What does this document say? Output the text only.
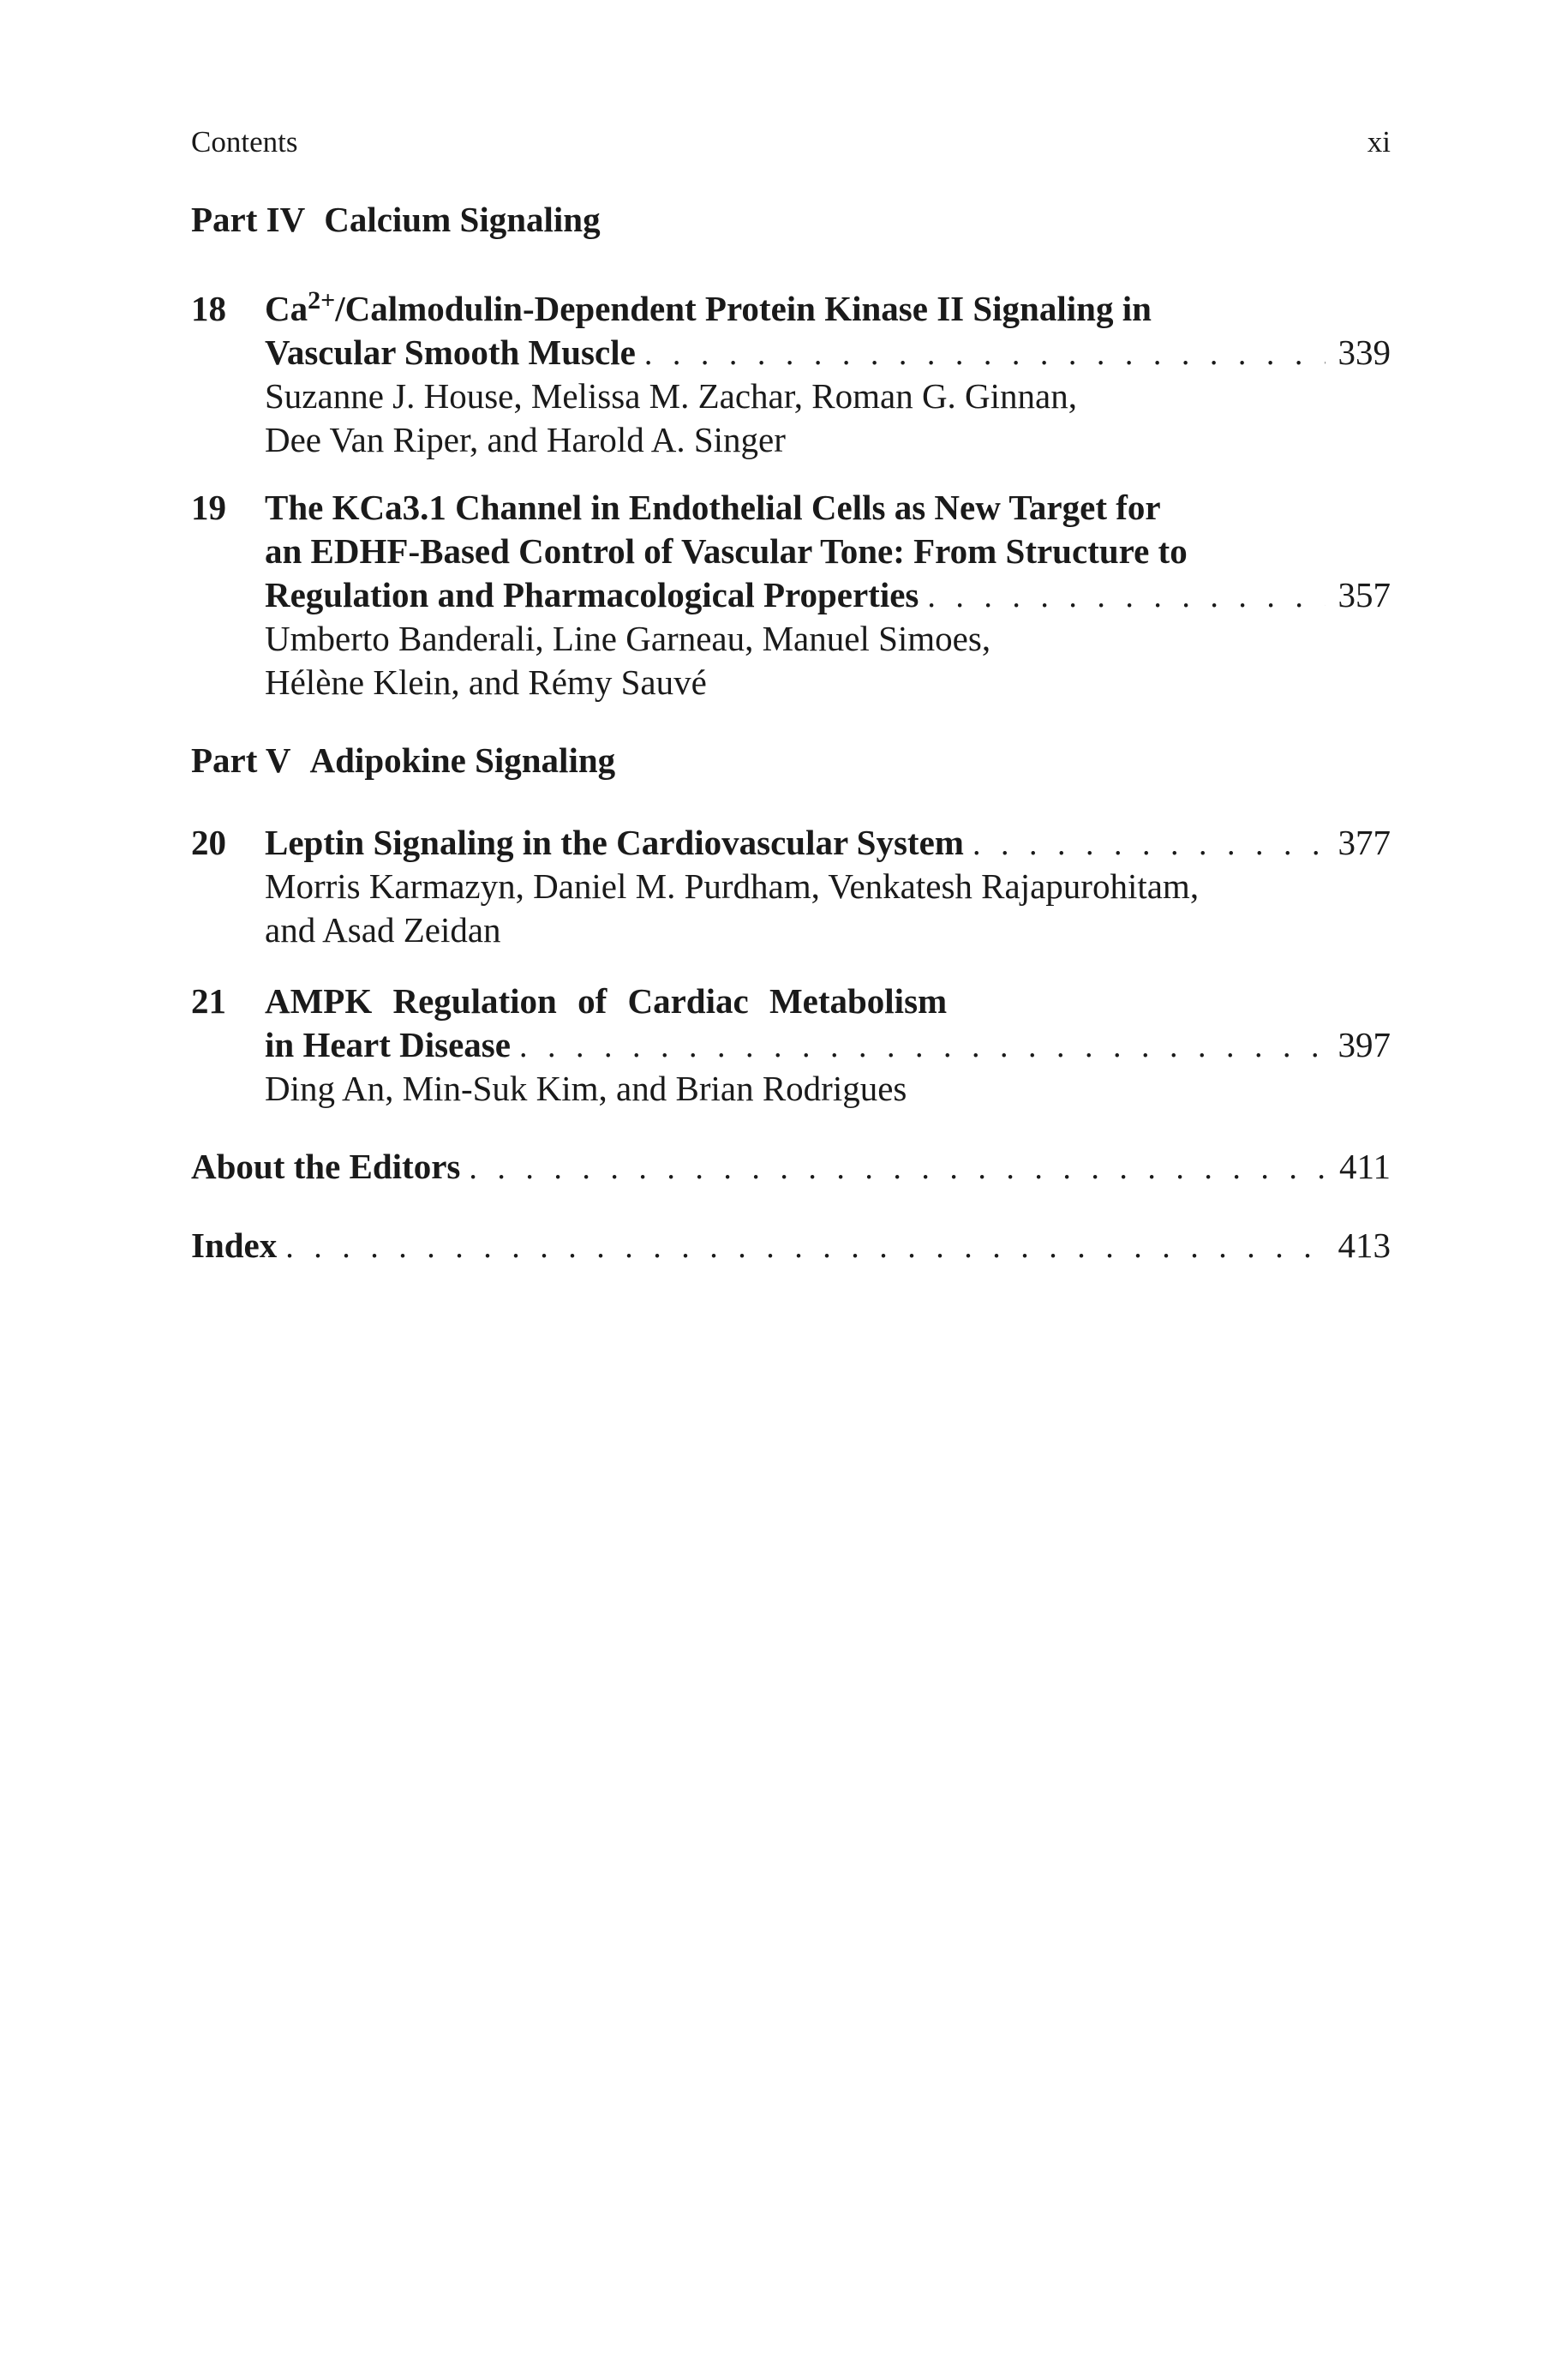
Contents	xi
Part IV Calcium Signaling
18 $Ca^{2+}/Calmodulin$-Dependent Protein Kinase II Signaling in
Vascular Smooth Muscle . . .	339
Suzanne J. House, Melissa M. Zachar, Roman G. Ginnan,
Dee Van Riper, and Harold A. Singer
19 The KCa3.1 Channel in Endothelial Cells as New Target for
an EDHF-Based Control of Vascular Tone: From Structure to
Regulation and Pharmacological Properties . . .	357
Umberto Banderali, Line Garneau, Manuel Simoes,
Hélène Klein, and Rémy Sauvé
Part V Adipokine Signaling
20 Leptin Signaling in the Cardiovascular System . . .	377
Morris Karmazyn, Daniel M. Purdham, Venkatesh Rajapurohitam,
and Asad Zeidan
21 AMPK Regulation of Cardiac Metabolism
in Heart Disease . . .	397
Ding An, Min-Suk Kim, and Brian Rodrigues
About the Editors . . .	411
Index . . .	413
